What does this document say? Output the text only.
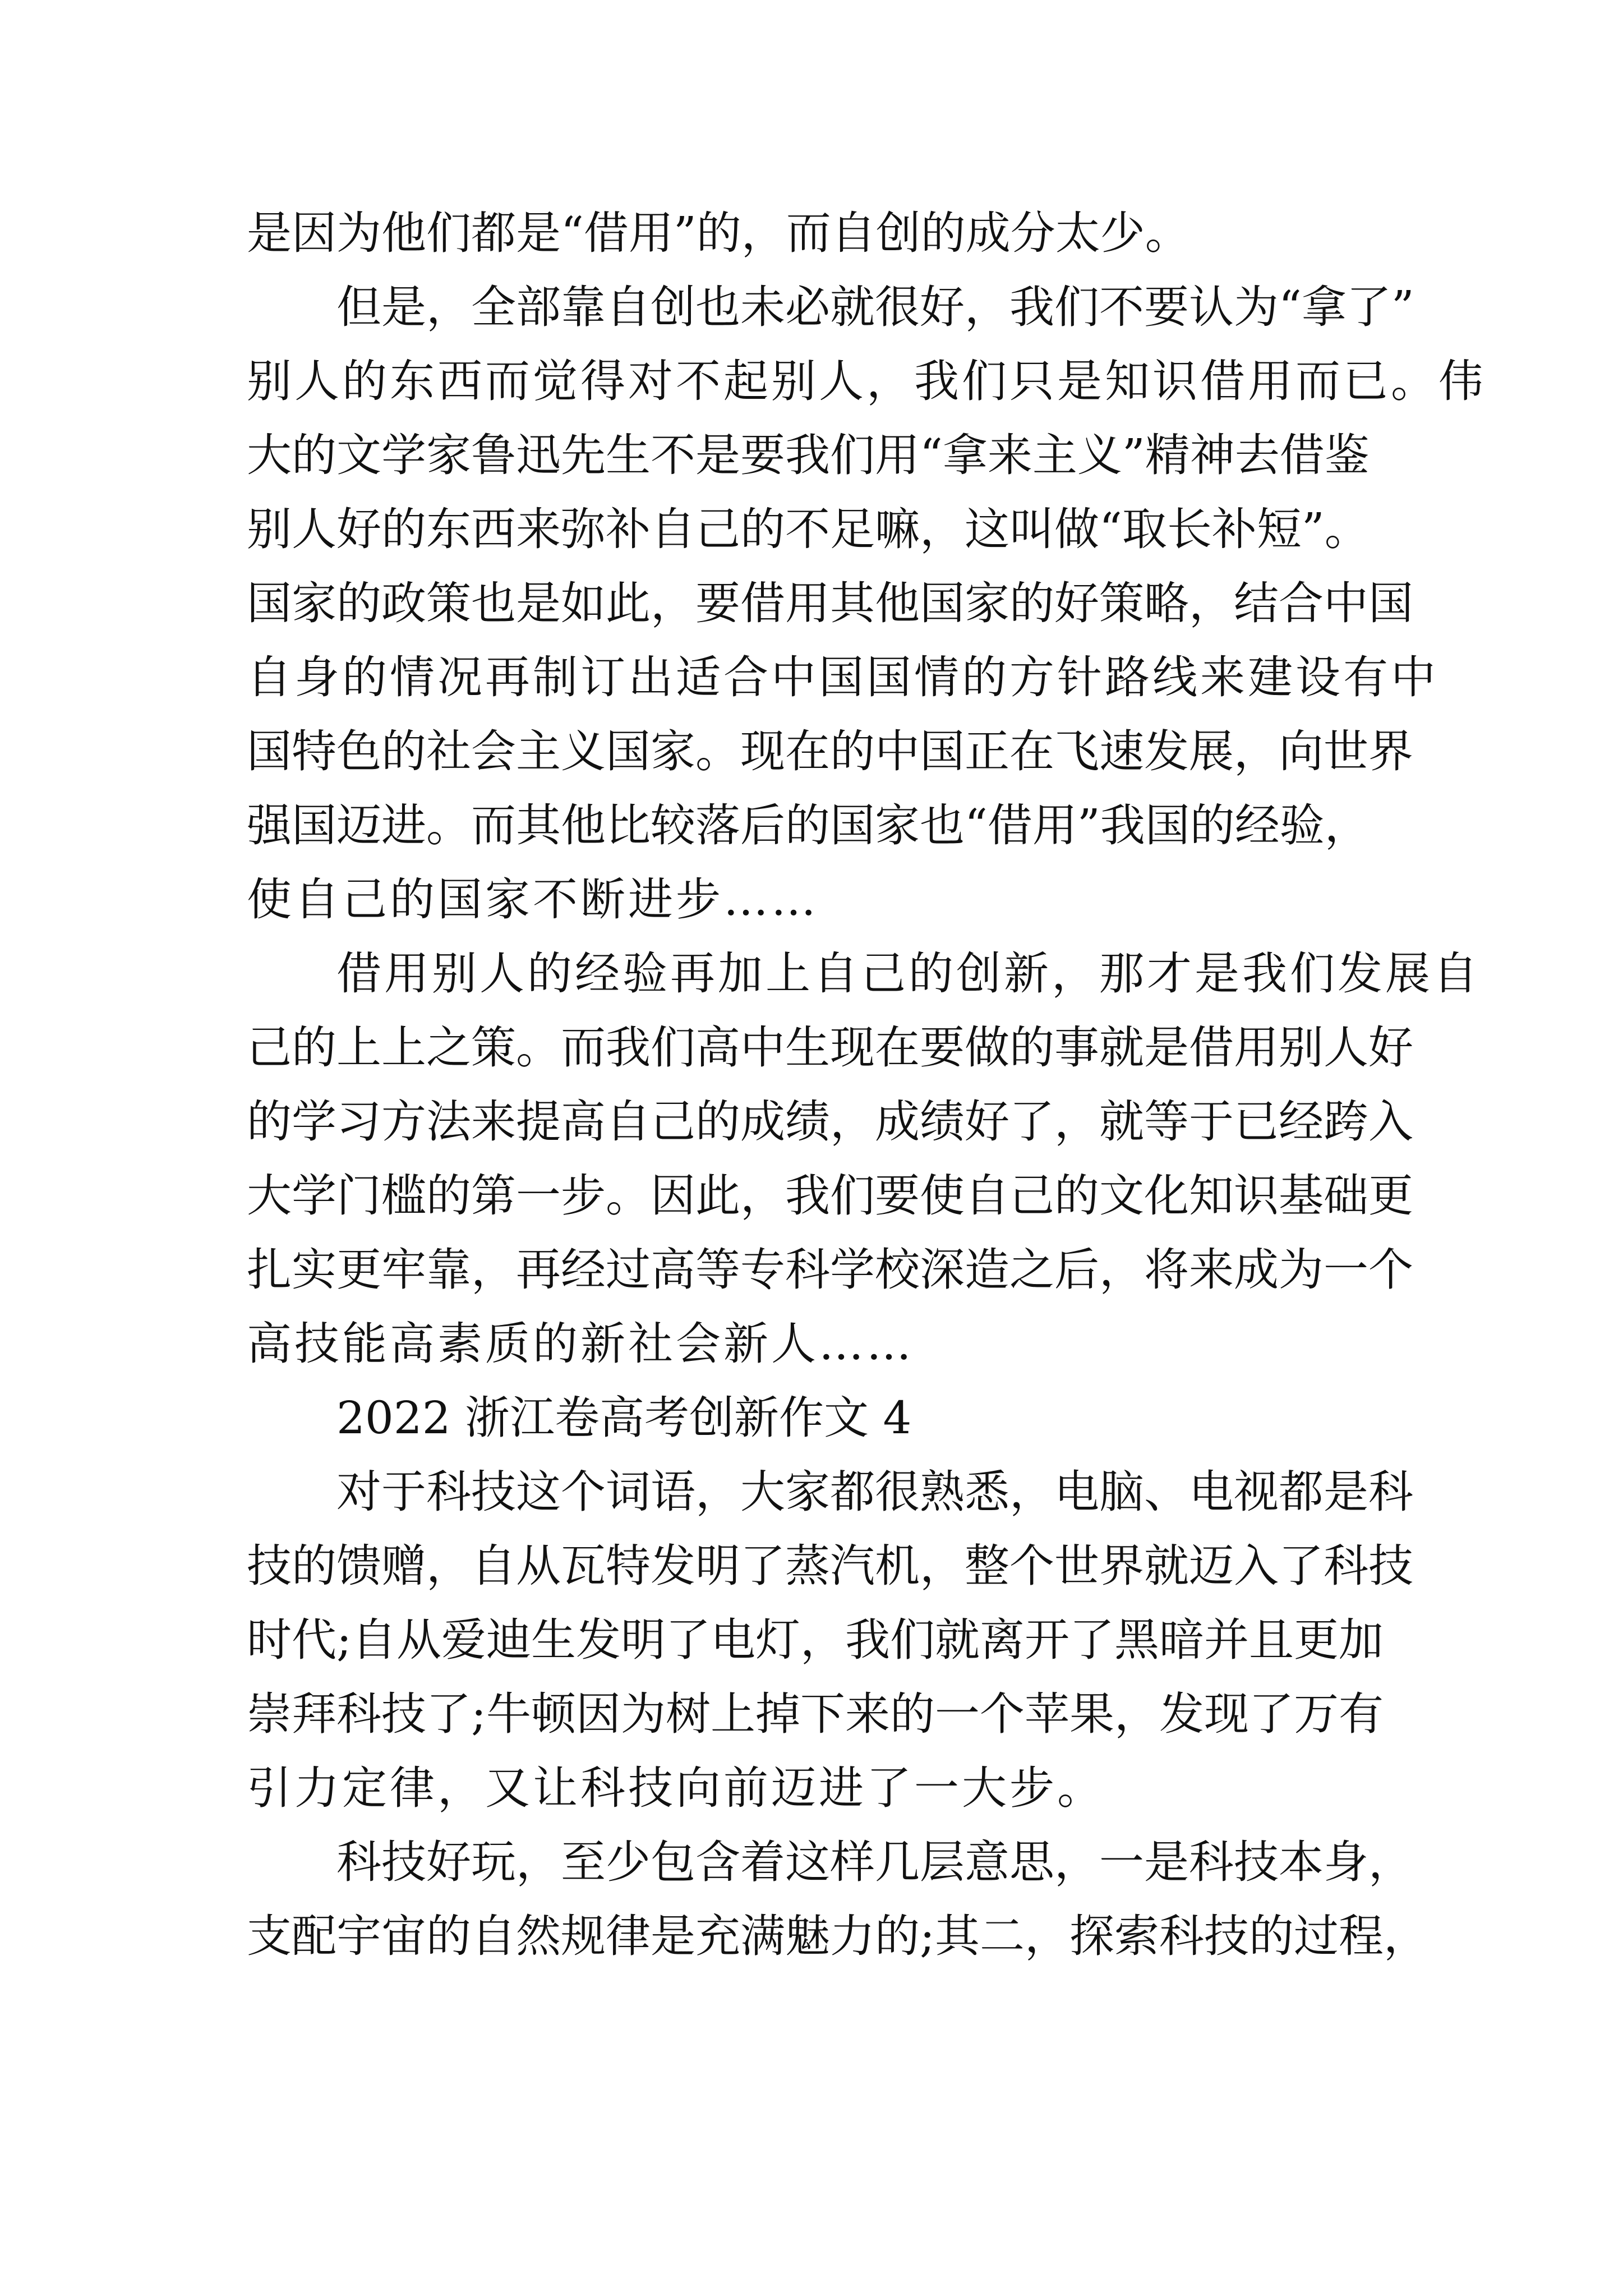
是因为他们都是“借用”的，而自创的成分太少。
但是，全部靠自创也未必就很好，我们不要认为“拿了”
别人的东西而觉得对不起别人，我们只是知识借用而已。伟
大的文学家鲁迅先生不是要我们用“拿来主义”精神去借鉴
别人好的东西来弥补自己的不足嘛，这叫做“取长补短”。
国家的政策也是如此，要借用其他国家的好策略，结合中国
自身的情况再制订出适合中国国情的方针路线来建设有中
国特色的社会主义国家。现在的中国正在飞速发展，向世界
强国迈进。而其他比较落后的国家也“借用”我国的经验，
使自己的国家不断进步……
借用别人的经验再加上自己的创新，那才是我们发展自
己的上上之策。而我们高中生现在要做的事就是借用别人好
的学习方法来提高自己的成绩，成绩好了，就等于已经跨入
大学门槛的第一步。因此，我们要使自己的文化知识基础更
扎实更牢靠，再经过高等专科学校深造之后，将来成为一个
高技能高素质的新社会新人……
2022 浙江卷高考创新作文 4
对于科技这个词语，大家都很熟悉，电脑、电视都是科
技的馈赠，自从瓦特发明了蒸汽机，整个世界就迈入了科技
时代;自从爱迪生发明了电灯，我们就离开了黑暗并且更加
崇拜科技了;牛顿因为树上掉下来的一个苹果，发现了万有
引力定律，又让科技向前迈进了一大步。
科技好玩，至少包含着这样几层意思，一是科技本身，
支配宇宙的自然规律是充满魅力的;其二，探索科技的过程，
